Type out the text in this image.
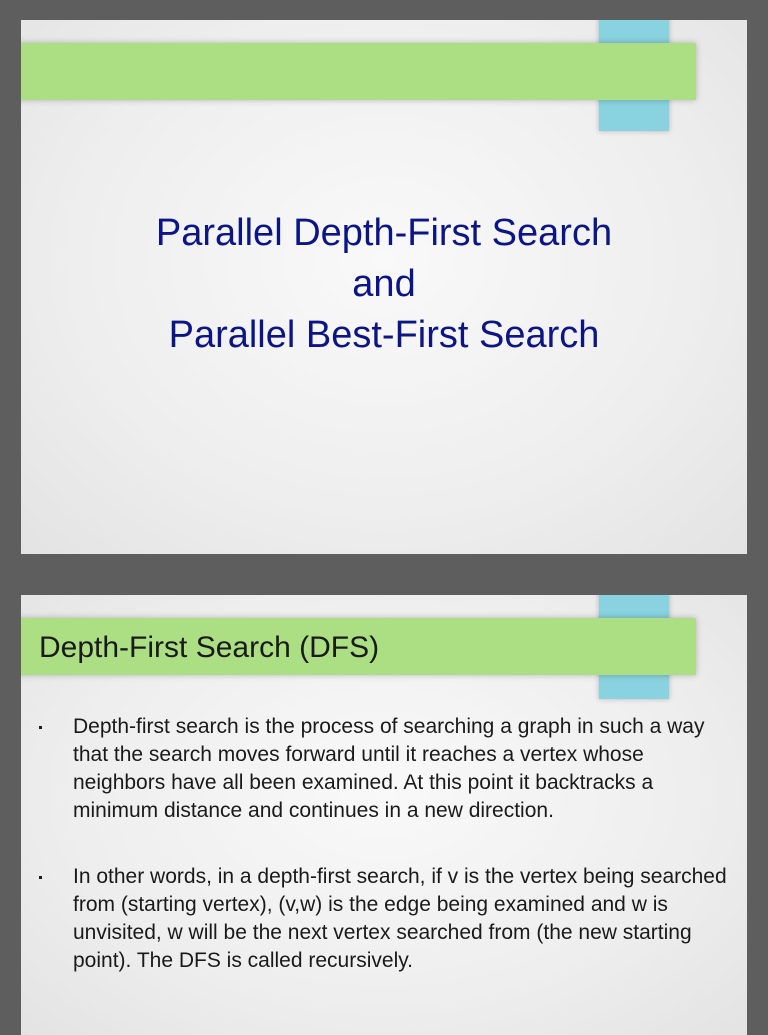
Parallel Depth-First Search
and
Parallel Best-First Search
Depth-First Search (DFS)
Depth-first search is the process of searching a graph in such a way that the search moves forward until it reaches a vertex whose neighbors have all been examined. At this point it backtracks a minimum distance and continues in a new direction.
In other words, in a depth-first search, if v is the vertex being searched from (starting vertex), (v,w) is the edge being examined and w is unvisited, w will be the next vertex searched from (the new starting point). The DFS is called recursively.
